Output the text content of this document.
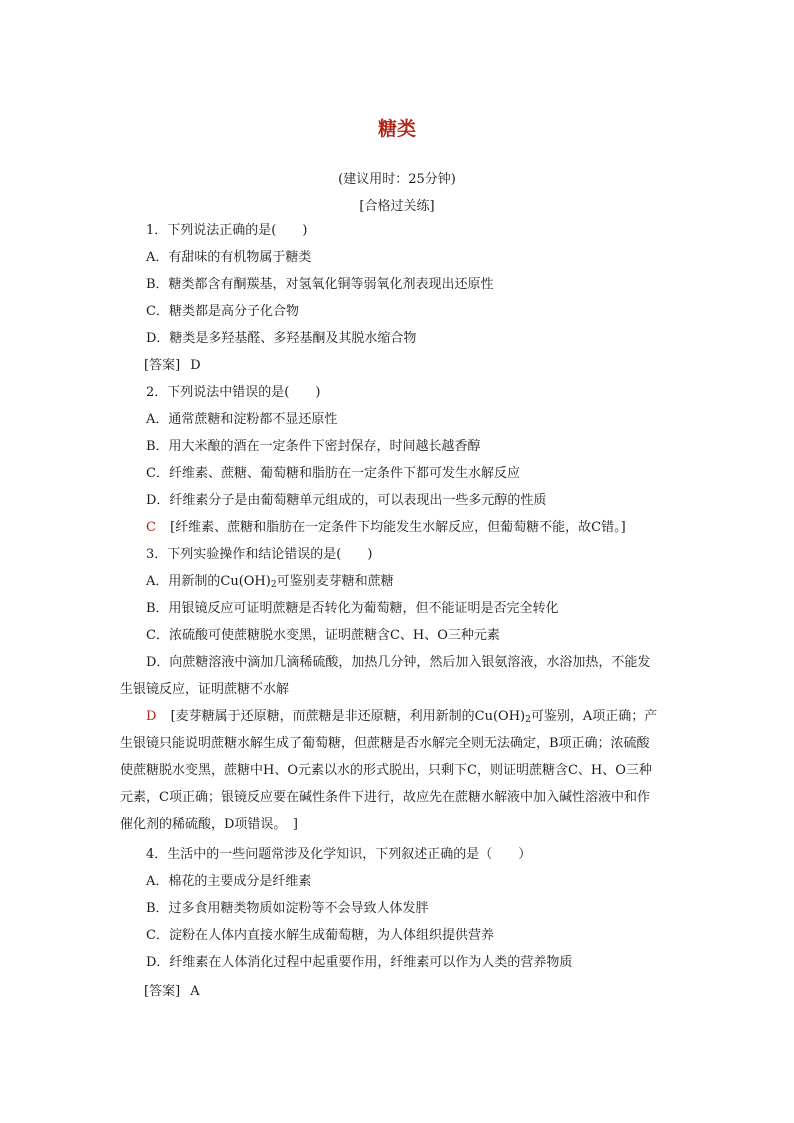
糖类
(建议用时：25分钟)
[合格过关练]
1．下列说法正确的是(　　)
A．有甜味的有机物属于糖类
B．糖类都含有酮羰基，对氢氧化铜等弱氧化剂表现出还原性
C．糖类都是高分子化合物
D．糖类是多羟基醛、多羟基酮及其脱水缩合物
[答案] D
2．下列说法中错误的是(　　)
A．通常蔗糖和淀粉都不显还原性
B．用大米酿的酒在一定条件下密封保存，时间越长越香醇
C．纤维素、蔗糖、葡萄糖和脂肪在一定条件下都可发生水解反应
D．纤维素分子是由葡萄糖单元组成的，可以表现出一些多元醇的性质
C [纤维素、蔗糖和脂肪在一定条件下均能发生水解反应，但葡萄糖不能，故C错。]
3．下列实验操作和结论错误的是(　　)
A．用新制的$Cu(OH)_2$可鉴别麦芽糖和蔗糖
B．用银镜反应可证明蔗糖是否转化为葡萄糖，但不能证明是否完全转化
C．浓硫酸可使蔗糖脱水变黑，证明蔗糖含C、H、O三种元素
D．向蔗糖溶液中滴加几滴稀硫酸，加热几分钟，然后加入银氨溶液，水浴加热，不能发
生银镜反应，证明蔗糖不水解
D [麦芽糖属于还原糖，而蔗糖是非还原糖，利用新制的$Cu(OH)_2$可鉴别，A项正确；产
生银镜只能说明蔗糖水解生成了葡萄糖，但蔗糖是否水解完全则无法确定，B项正确；浓硫酸
使蔗糖脱水变黑，蔗糖中H、O元素以水的形式脱出，只剩下C，则证明蔗糖含C、H、O三种
元素，C项正确；银镜反应要在碱性条件下进行，故应先在蔗糖水解液中加入碱性溶液中和作
催化剂的稀硫酸，D项错误。　]
4．生活中的一些问题常涉及化学知识，下列叙述正确的是（　　）
A．棉花的主要成分是纤维素
B．过多食用糖类物质如淀粉等不会导致人体发胖
C．淀粉在人体内直接水解生成葡萄糖，为人体组织提供营养
D．纤维素在人体消化过程中起重要作用，纤维素可以作为人类的营养物质
[答案] A
